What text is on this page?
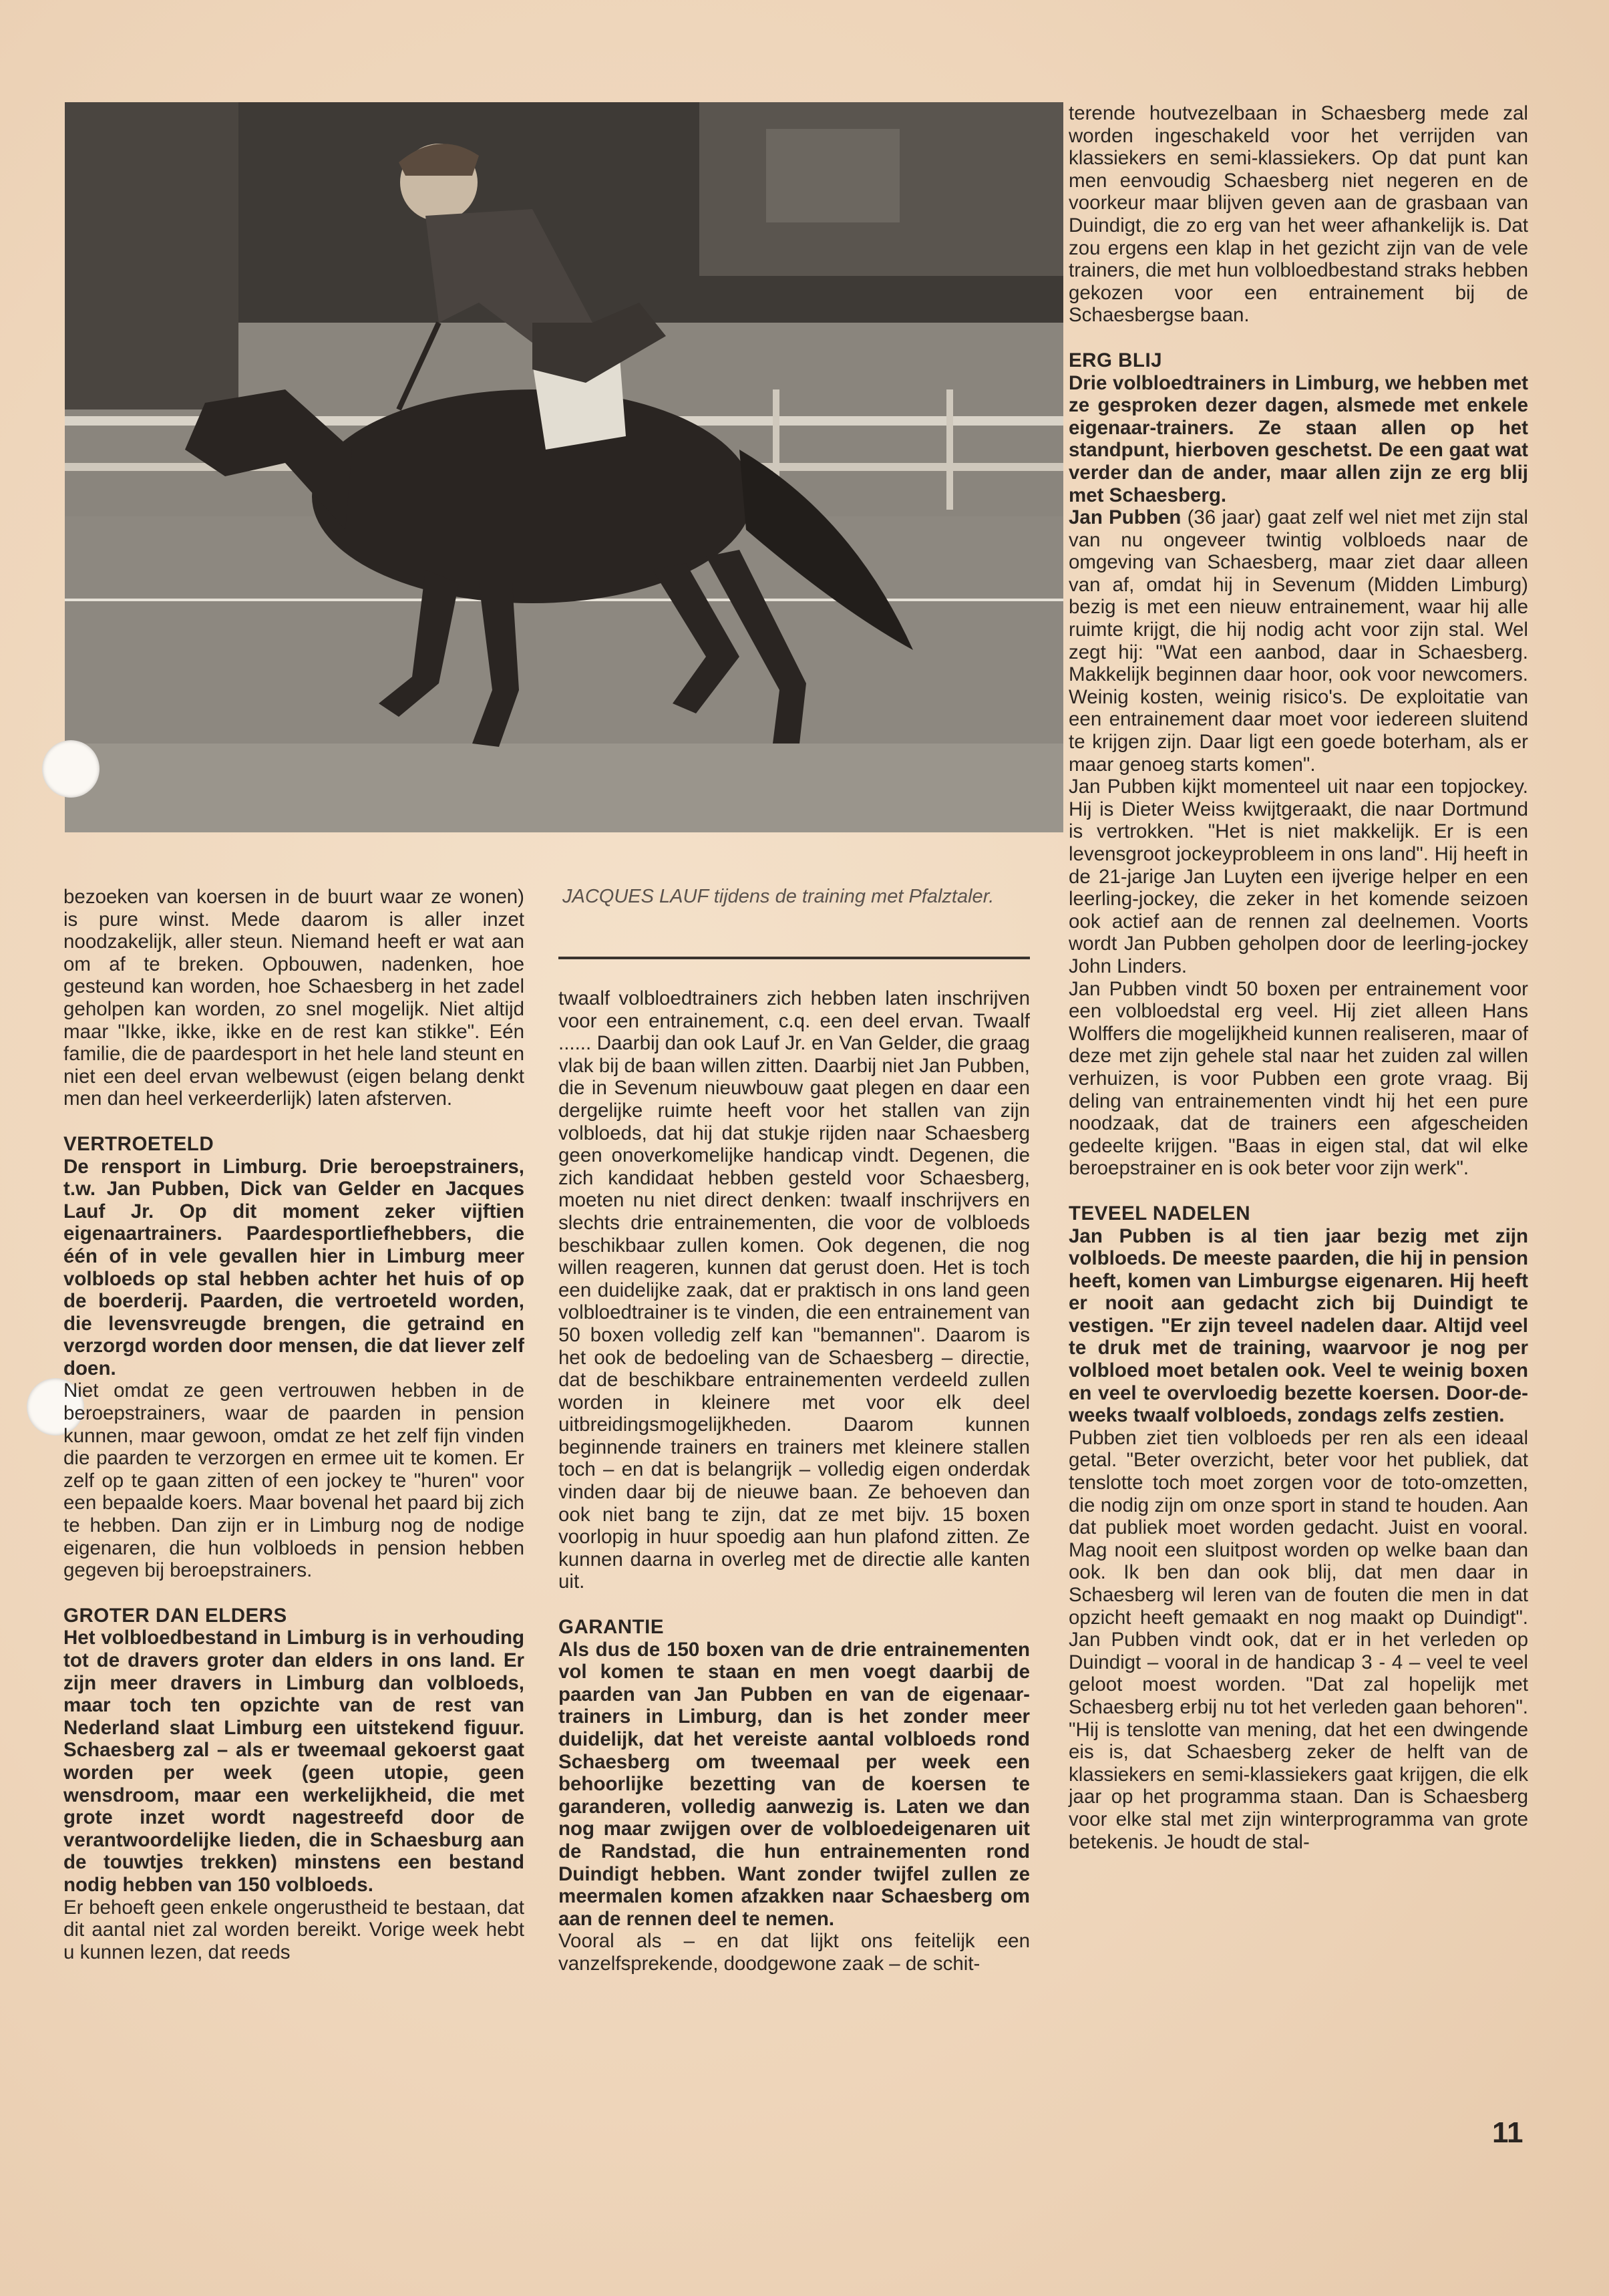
JACQUES LAUF tijdens de training met Pfalztaler.

bezoeken van koersen in de buurt waar ze wonen) is pure winst. Mede daarom is aller inzet noodzakelijk, aller steun. Niemand heeft er wat aan om af te breken. Opbouwen, nadenken, hoe gesteund kan worden, hoe Schaesberg in het zadel geholpen kan worden, zo snel mogelijk. Niet altijd maar "Ikke, ikke, ikke en de rest kan stikke". Eén familie, die de paardesport in het hele land steunt en niet een deel ervan welbewust (eigen belang denkt men dan heel verkeerderlijk) laten afsterven.

VERTROETELD

De rensport in Limburg. Drie beroepstrainers, t.w. Jan Pubben, Dick van Gelder en Jacques Lauf Jr. Op dit moment zeker vijftien eigenaartrainers. Paardesportliefhebbers, die één of in vele gevallen hier in Limburg meer volbloeds op stal hebben achter het huis of op de boerderij. Paarden, die vertroeteld worden, die levensvreugde brengen, die getraind en verzorgd worden door mensen, die dat liever zelf doen.

Niet omdat ze geen vertrouwen hebben in de beroepstrainers, waar de paarden in pension kunnen, maar gewoon, omdat ze het zelf fijn vinden die paarden te verzorgen en ermee uit te komen. Er zelf op te gaan zitten of een jockey te "huren" voor een bepaalde koers. Maar bovenal het paard bij zich te hebben. Dan zijn er in Limburg nog de nodige eigenaren, die hun volbloeds in pension hebben gegeven bij beroepstrainers.

GROTER DAN ELDERS

Het volbloedbestand in Limburg is in verhouding tot de dravers groter dan elders in ons land. Er zijn meer dravers in Limburg dan volbloeds, maar toch ten opzichte van de rest van Nederland slaat Limburg een uitstekend figuur. Schaesberg zal – als er tweemaal gekoerst gaat worden per week (geen utopie, geen wensdroom, maar een werkelijkheid, die met grote inzet wordt nagestreefd door de verantwoordelijke lieden, die in Schaesburg aan de touwtjes trekken) minstens een bestand nodig hebben van 150 volbloeds.

Er behoeft geen enkele ongerustheid te bestaan, dat dit aantal niet zal worden bereikt. Vorige week hebt u kunnen lezen, dat reeds

twaalf volbloedtrainers zich hebben laten inschrijven voor een entrainement, c.q. een deel ervan. Twaalf ...... Daarbij dan ook Lauf Jr. en Van Gelder, die graag vlak bij de baan willen zitten. Daarbij niet Jan Pubben, die in Sevenum nieuwbouw gaat plegen en daar een dergelijke ruimte heeft voor het stallen van zijn volbloeds, dat hij dat stukje rijden naar Schaesberg geen onoverkomelijke handicap vindt. Degenen, die zich kandidaat hebben gesteld voor Schaesberg, moeten nu niet direct denken: twaalf inschrijvers en slechts drie entrainementen, die voor de volbloeds beschikbaar zullen komen. Ook degenen, die nog willen reageren, kunnen dat gerust doen. Het is toch een duidelijke zaak, dat er praktisch in ons land geen volbloedtrainer is te vinden, die een entrainement van 50 boxen volledig zelf kan "bemannen". Daarom is het ook de bedoeling van de Schaesberg – directie, dat de beschikbare entrainementen verdeeld zullen worden in kleinere met voor elk deel uitbreidingsmogelijkheden. Daarom kunnen beginnende trainers en trainers met kleinere stallen toch – en dat is belangrijk – volledig eigen onderdak vinden daar bij de nieuwe baan. Ze behoeven dan ook niet bang te zijn, dat ze met bijv. 15 boxen voorlopig in huur spoedig aan hun plafond zitten. Ze kunnen daarna in overleg met de directie alle kanten uit.

GARANTIE

Als dus de 150 boxen van de drie entrainementen vol komen te staan en men voegt daarbij de paarden van Jan Pubben en van de eigenaar-trainers in Limburg, dan is het zonder meer duidelijk, dat het vereiste aantal volbloeds rond Schaesberg om tweemaal per week een behoorlijke bezetting van de koersen te garanderen, volledig aanwezig is. Laten we dan nog maar zwijgen over de volbloedeigenaren uit de Randstad, die hun entrainementen rond Duindigt hebben. Want zonder twijfel zullen ze meermalen komen afzakken naar Schaesberg om aan de rennen deel te nemen.

Vooral als – en dat lijkt ons feitelijk een vanzelfsprekende, doodgewone zaak – de schit-

terende houtvezelbaan in Schaesberg mede zal worden ingeschakeld voor het verrijden van klassiekers en semi-klassiekers. Op dat punt kan men eenvoudig Schaesberg niet negeren en de voorkeur maar blijven geven aan de grasbaan van Duindigt, die zo erg van het weer afhankelijk is. Dat zou ergens een klap in het gezicht zijn van de vele trainers, die met hun volbloedbestand straks hebben gekozen voor een entrainement bij de Schaesbergse baan.

ERG BLIJ

Drie volbloedtrainers in Limburg, we hebben met ze gesproken dezer dagen, alsmede met enkele eigenaar-trainers. Ze staan allen op het standpunt, hierboven geschetst. De een gaat wat verder dan de ander, maar allen zijn ze erg blij met Schaesberg.

Jan Pubben (36 jaar) gaat zelf wel niet met zijn stal van nu ongeveer twintig volbloeds naar de omgeving van Schaesberg, maar ziet daar alleen van af, omdat hij in Sevenum (Midden Limburg) bezig is met een nieuw entrainement, waar hij alle ruimte krijgt, die hij nodig acht voor zijn stal. Wel zegt hij: "Wat een aanbod, daar in Schaesberg. Makkelijk beginnen daar hoor, ook voor newcomers. Weinig kosten, weinig risico's. De exploitatie van een entrainement daar moet voor iedereen sluitend te krijgen zijn. Daar ligt een goede boterham, als er maar genoeg starts komen".

Jan Pubben kijkt momenteel uit naar een topjockey. Hij is Dieter Weiss kwijtgeraakt, die naar Dortmund is vertrokken. "Het is niet makkelijk. Er is een levensgroot jockeyprobleem in ons land". Hij heeft in de 21-jarige Jan Luyten een ijverige helper en een leerling-jockey, die zeker in het komende seizoen ook actief aan de rennen zal deelnemen. Voorts wordt Jan Pubben geholpen door de leerling-jockey John Linders.

Jan Pubben vindt 50 boxen per entrainement voor een volbloedstal erg veel. Hij ziet alleen Hans Wolffers die mogelijkheid kunnen realiseren, maar of deze met zijn gehele stal naar het zuiden zal willen verhuizen, is voor Pubben een grote vraag. Bij deling van entrainementen vindt hij het een pure noodzaak, dat de trainers een afgescheiden gedeelte krijgen. "Baas in eigen stal, dat wil elke beroepstrainer en is ook beter voor zijn werk".

TEVEEL NADELEN

Jan Pubben is al tien jaar bezig met zijn volbloeds. De meeste paarden, die hij in pension heeft, komen van Limburgse eigenaren. Hij heeft er nooit aan gedacht zich bij Duindigt te vestigen. "Er zijn teveel nadelen daar. Altijd veel te druk met de training, waarvoor je nog per volbloed moet betalen ook. Veel te weinig boxen en veel te overvloedig bezette koersen. Door-de-weeks twaalf volbloeds, zondags zelfs zestien.

Pubben ziet tien volbloeds per ren als een ideaal getal. "Beter overzicht, beter voor het publiek, dat tenslotte toch moet zorgen voor de toto-omzetten, die nodig zijn om onze sport in stand te houden. Aan dat publiek moet worden gedacht. Juist en vooral. Mag nooit een sluitpost worden op welke baan dan ook. Ik ben dan ook blij, dat men daar in Schaesberg wil leren van de fouten die men in dat opzicht heeft gemaakt en nog maakt op Duindigt". Jan Pubben vindt ook, dat er in het verleden op Duindigt – vooral in de handicap 3 - 4 – veel te veel geloot moest worden. "Dat zal hopelijk met Schaesberg erbij nu tot het verleden gaan behoren". "Hij is tenslotte van mening, dat het een dwingende eis is, dat Schaesberg zeker de helft van de klassiekers en semi-klassiekers gaat krijgen, die elk jaar op het programma staan. Dan is Schaesberg voor elke stal met zijn winterprogramma van grote betekenis. Je houdt de stal-

11
